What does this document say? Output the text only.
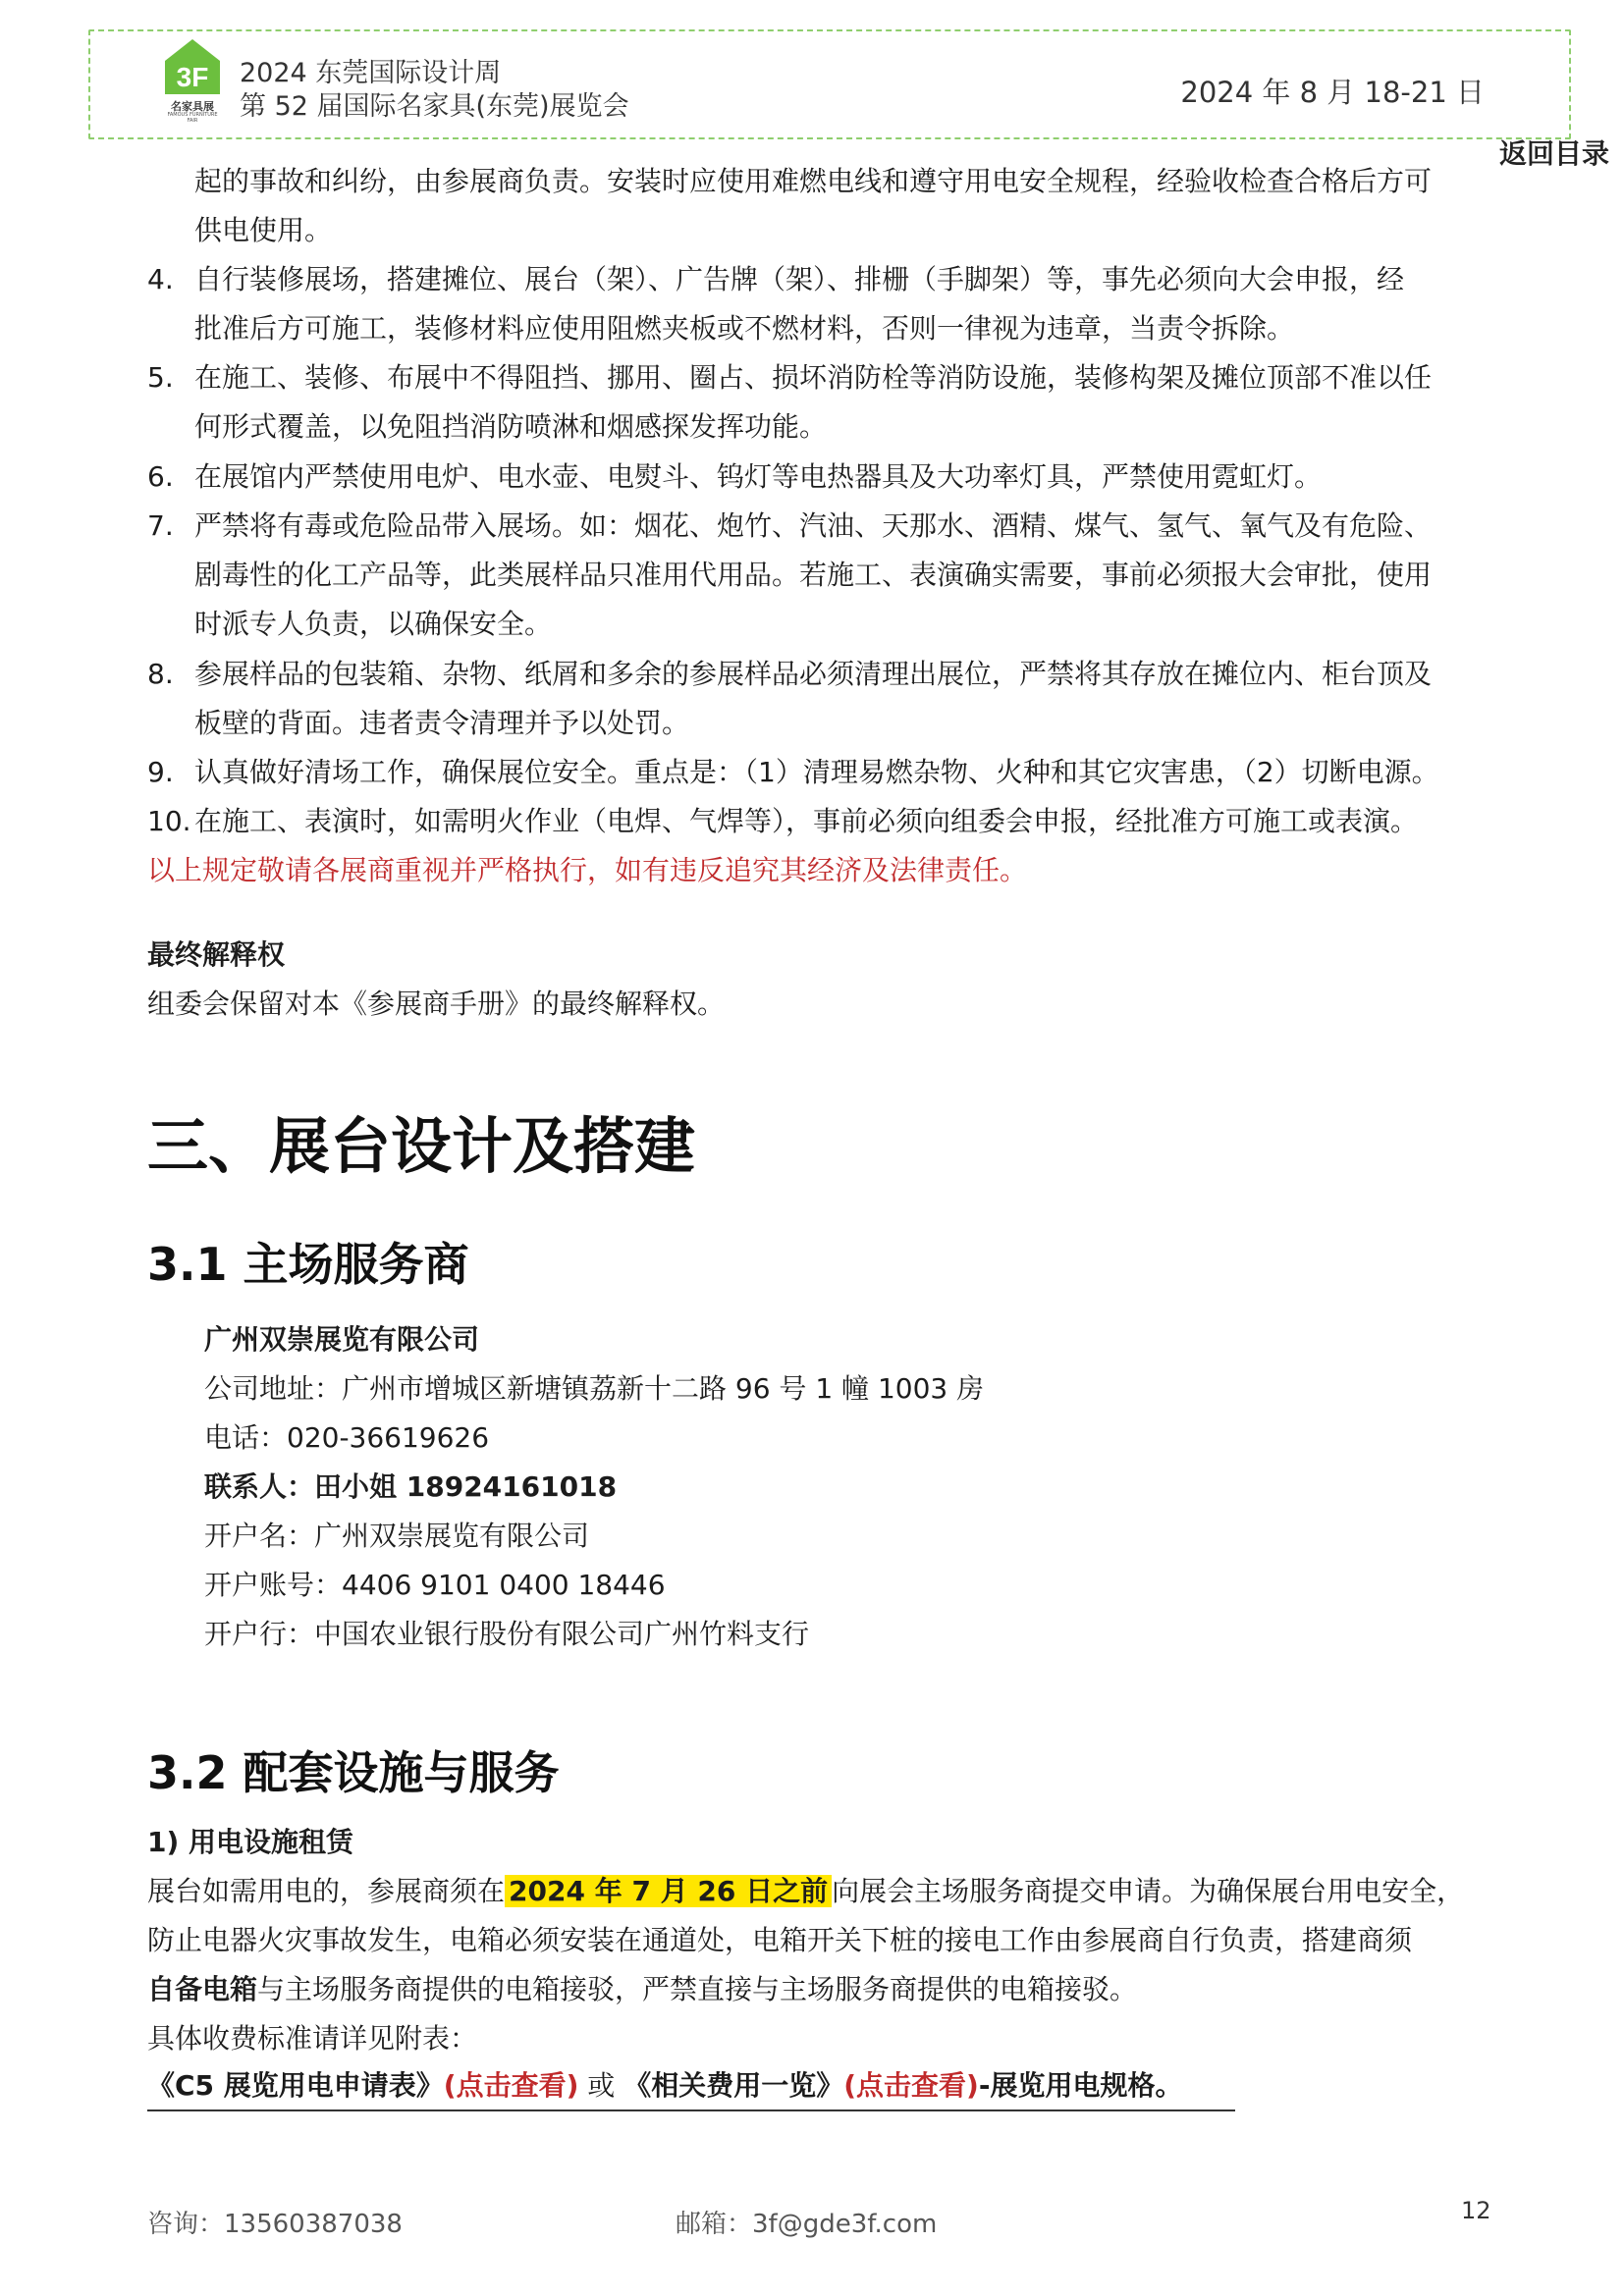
3F
名家具展
FAMOUS FURNITURE FAIR
2024 东莞国际设计周
第 52 届国际名家具(东莞)展览会	2024 年 8 月 18-21 日
返回目录
起的事故和纠纷，由参展商负责。安装时应使用难燃电线和遵守用电安全规程，经验收检查合格后方可
供电使用。
4. 自行装修展场，搭建摊位、展台（架）、广告牌（架）、排栅（手脚架）等，事先必须向大会申报，经
批准后方可施工，装修材料应使用阻燃夹板或不燃材料，否则一律视为违章，当责令拆除。
5. 在施工、装修、布展中不得阻挡、挪用、圈占、损坏消防栓等消防设施，装修构架及摊位顶部不准以任
何形式覆盖，以免阻挡消防喷淋和烟感探发挥功能。
6. 在展馆内严禁使用电炉、电水壶、电熨斗、钨灯等电热器具及大功率灯具，严禁使用霓虹灯。
7. 严禁将有毒或危险品带入展场。如：烟花、炮竹、汽油、天那水、酒精、煤气、氢气、氧气及有危险、
剧毒性的化工产品等，此类展样品只准用代用品。若施工、表演确实需要，事前必须报大会审批，使用
时派专人负责，以确保安全。
8. 参展样品的包装箱、杂物、纸屑和多余的参展样品必须清理出展位，严禁将其存放在摊位内、柜台顶及
板壁的背面。违者责令清理并予以处罚。
9. 认真做好清场工作，确保展位安全。重点是：（1）清理易燃杂物、火种和其它灾害患，（2）切断电源。
10. 在施工、表演时，如需明火作业（电焊、气焊等），事前必须向组委会申报，经批准方可施工或表演。
以上规定敬请各展商重视并严格执行，如有违反追究其经济及法律责任。
最终解释权
组委会保留对本《参展商手册》的最终解释权。
三、展台设计及搭建
3.1 主场服务商
广州双崇展览有限公司
公司地址：广州市增城区新塘镇荔新十二路 96 号 1 幢 1003 房
电话：020-36619626
联系人：田小姐 18924161018
开户名：广州双崇展览有限公司
开户账号：4406 9101 0400 18446
开户行：中国农业银行股份有限公司广州竹料支行
3.2 配套设施与服务
1) 用电设施租赁
展台如需用电的，参展商须在 2024 年 7 月 26 日之前 向展会主场服务商提交申请。为确保展台用电安全，
防止电器火灾事故发生，电箱必须安装在通道处，电箱开关下桩的接电工作由参展商自行负责，搭建商须
自备电箱与主场服务商提供的电箱接驳，严禁直接与主场服务商提供的电箱接驳。
具体收费标准请详见附表：
《C5 展览用电申请表》(点击查看) 或 《相关费用一览》(点击查看)-展览用电规格。
咨询：13560387038	邮箱：3f@gde3f.com	12
